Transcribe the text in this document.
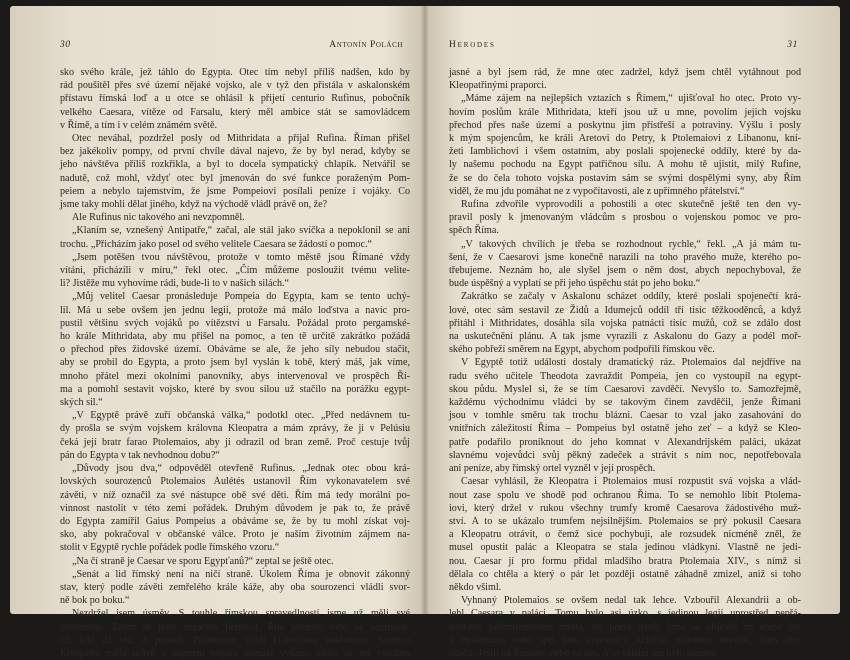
30	Antonín Polách
sko svého krále, jež táhlo do Egypta. Otec tím nebyl příliš nadšen, kdo by
rád poušitěl přes své území nějaké vojsko, ale v tyž den přistála v askalonském
přístavu římská loď a u otce se ohlásil k přijetí centurio Rufinus, pobočník
velkého Caesara, vítěze od Farsalu, který měl ambice stát se samovládcem
v Římě, a tím i v celém známém světě.
Otec neváhal, pozdržel posly od Mithridata a přijal Rufina. Říman přišel
bez jakékoliv pompy, od první chvíle dával najevo, že by byl nerad, kdyby se
jeho návštěva příliš rozkřikla, a byl to docela sympatický chlapík. Netvářil se
nadutě, což mohl, vždyť otec byl jmenován do své funkce poraženým Pom-
peiem a nebylo tajemstvím, že jsme Pompeiovi posílali peníze i vojáky. Co
jsme taky mohli dělat jiného, když na východě vládl právě on, že?
Ale Rufinus nic takového ani nevzpomněl.
„Klaním se, vznešený Antipatře,“ začal, ale stál jako svíčka a nepoklonil se ani
trochu. „Přicházím jako posel od svého velitele Caesara se žádostí o pomoc.“
„Jsem potěšen tvou návštěvou, protože v tomto městě jsou Římané vždy
vítáni, přicházíli v míru,“ řekl otec. „Čím můžeme posloužit tvému velite-
li? Jistěže mu vyhovíme rádi, bude-li to v našich silách.“
„Můj velitel Caesar pronásleduje Pompeia do Egypta, kam se tento uchý-
lil. Má u sebe ovšem jen jednu legii, protože má málo loďstva a navíc pro-
pustil většinu svých vojáků po vítězství u Farsalu. Požádal proto pergamské-
ho krále Mithridata, aby mu přišel na pomoc, a ten tě určitě zakrátko požádá
o přechod přes židovské území. Obáváme se ale, že jeho síly nebudou stačit,
aby se probil do Egypta, a proto jsem byl vyslán k tobě, který máš, jak víme,
mnoho přátel mezi okolními panovníky, abys intervenoval ve prospěch Ří-
ma a pomohl sestavit vojsko, které by svou silou už stačilo na porážku egypt-
ských sil.“
„V Egyptě právě zuří občanská válka,“ podotkl otec. „Před nedávnem tu-
dy prošla se svým vojskem královna Kleopatra a mám zprávy, že ji v Pelúsiu
čeká její bratr farao Ptolemaios, aby ji odrazil od bran země. Proč cestuje tvůj
pán do Egypta v tak nevhodnou dobu?“
„Důvody jsou dva,“ odpověděl otevřeně Rufinus. „Jednak otec obou krá-
lovských sourozenců Ptolemaios Aulétés ustanovil Řím vykonavatelem své
závěti, v níž označil za své nástupce obě své děti. Řím má tedy morální po-
vinnost nastolit v této zemi pořádek. Druhým důvodem je pak to, že právě
do Egypta zamířil Gaius Pompeius a obáváme se, že by tu mohl získat voj-
sko, aby pokračoval v občanské válce. Proto je naším životním zájmem na-
stolit v Egyptě rychle pořádek podle římského vzoru.“
„Na čí straně je Caesar ve sporu Egypťanů?“ zeptal se ještě otec.
„Senát a lid římský není na ničí straně. Úkolem Říma je obnovit zákonný
stav, který podle závěti zemřelého krále káže, aby oba sourozenci vládli svor-
ně bok po boku.“
Nezdržel jsem úsměv. S touhle římskou spravedlností jsme už měli své
zkušenosti. Zatím se ještě nezačalo licitovat. Řím podpoří toho ze sourozen-
ců, kdo dá víc. A protože Ptolemaios vládl královskou pokladnou, zatímco
Kleopatra měla právě s najmem vojska nemalá vydání, zdálo se mi všechno
Herodes	31
jasné a byl jsem rád, že mne otec zadržel, když jsem chtěl vytáhnout pod
Kleopatřinými praporci.
„Máme zájem na nejlepších vztazích s Římem,“ ujišťoval ho otec. Proto vy-
hovím poslům krále Mithridata, kteří jsou už u mne, povolím jejich vojsku
přechod přes naše území a poskytnu jim přístřeší a potraviny. Výšlu i posly
k mým spojencům, ke králi Aretovi do Petry, k Ptolemaiovi z Libanonu, kní-
žeti Iamblichovi i všem ostatním, aby poslali spojenecké oddíly, které by da-
ly našemu pochodu na Egypt patřičnou sílu. A mohu tě ujistit, milý Rufine,
že se do čela tohoto vojska postavím sám se svými dospělými syny, aby Řím
viděl, že mu jdu pomáhat ne z vypočítavosti, ale z upřímného přátelství.“
Rufina zdvořile vyprovodili a pohostili a otec skutečně ještě ten den vy-
pravil posly k jmenovaným vládcům s prosbou o vojenskou pomoc ve pro-
spěch Říma.
„V takových chvílích je třeba se rozhodnout rychle,“ řekl. „A já mám tu-
šení, že v Caesarovi jsme konečně narazili na toho pravého muže, kterého po-
třebujeme. Neznám ho, ale slyšel jsem o něm dost, abych nepochyboval, že
bude úspěšný a vyplatí se při jeho úspěchu stát po jeho boku.“
Zakrátko se začaly v Askalonu scházet oddíly, které poslali spojenečtí krá-
lové, otec sám sestavil ze Židů a Idumejců oddíl tří tisíc těžkooděnců, a když
přitáhl i Mithridates, dosáhla síla vojska patnácti tisíc mužů, což se zdálo dost
na uskutečnění plánu. A tak jsme vyrazili z Askalonu do Gazy a podél moř-
ského pobřeží směrem na Egypt, abychom podpořili římskou věc.
V Egyptě totiž události dostaly dramatický ráz. Ptolemaios dal nejdříve na
radu svého učitele Theodota zavraždit Pompeia, jen co vystoupil na egypt-
skou půdu. Myslel si, že se tím Caesarovi zavděčí. Nevyšlo to. Samozřejmě,
každému východnímu vládci by se takovým činem zavděčil, jenže Římani
jsou v tomhle směru tak trochu blázni. Caesar to vzal jako zasahování do
vnitřních záležitostí Říma – Pompeius byl ostatně jeho zeť – a když se Kleo-
patře podařilo proniknout do jeho komnat v Alexandrijském paláci, ukázat
slavnému vojevůdci svůj pěkný zadeček a strávit s ním noc, nepotřebovala
ani peníze, aby římský ortel vyzněl v její prospěch.
Caesar vyhlásil, že Kleopatra i Ptolemaios musí rozpustit svá vojska a vlád-
nout zase spolu ve shodě pod ochranou Říma. To se nemohlo líbit Ptolema-
iovi, který držel v rukou všechny trumfy kromě Caesarova žádostivého muž-
ství. A to se ukázalo trumfem nejsilnějším. Ptolemaios se prý pokusil Caesara
a Kleopatru otrávit, o čemž sice pochybuji, ale rozsudek nicméně zněl, že
musel opustit palác a Kleopatra se stala jedinou vládkyní. Vlastně ne jedi-
nou. Caesar jí pro formu přidal mladšího bratra Ptolemaia XIV., s nímž si
dělala co chtěla a který o pár let později ostatně záhadně zmizel, aniž si toho
někdo všiml.
Vyhnaný Ptolemaios se ovšem nedal tak lehce. Vzbouřil Alexandrii a ob-
lehl Caesara v paláci. Tomu bylo asi úzko, s jedinou legií uprostřed nepřá-
telského půlmilionového města, ale právě tehdy jsme se objevili na scéně my
a Ptolemaios nebo spíš jeho vojevůdce Achillás najednou nevěděl, kam dřív
skočit. Jestli na Římany, nebo na nás. A to váhání mu bylo osudné.
